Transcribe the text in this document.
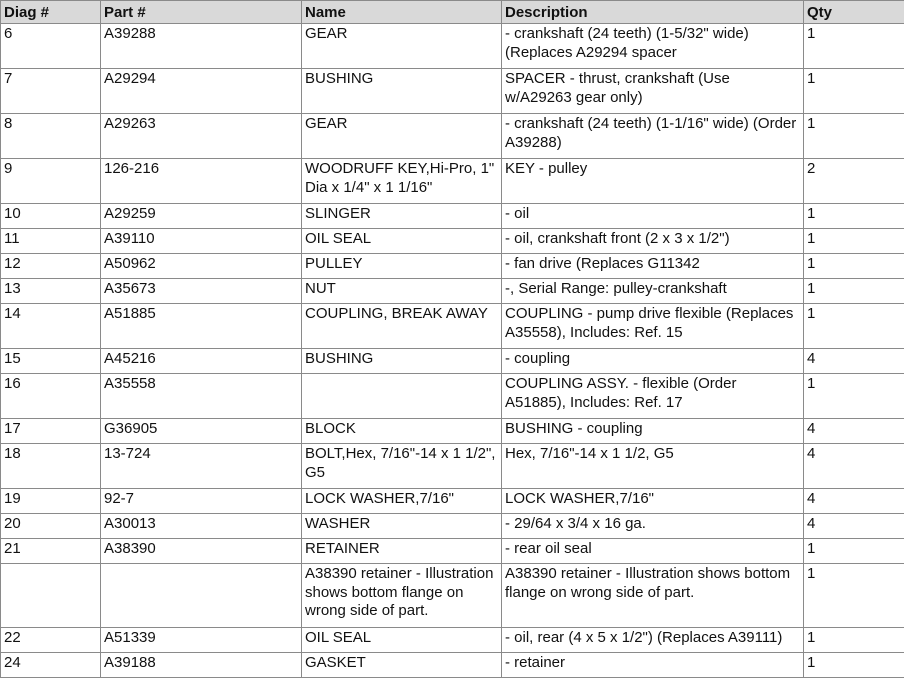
Diag #	Part #	Name	Description	Qty
6	A39288	GEAR	- crankshaft (24 teeth) (1-5/32" wide) (Replaces A29294 spacer	1
7	A29294	BUSHING	SPACER - thrust, crankshaft (Use w/A29263 gear only)	1
8	A29263	GEAR	- crankshaft (24 teeth) (1-1/16" wide) (Order A39288)	1
9	126-216	WOODRUFF KEY,Hi-Pro, 1" Dia x 1/4" x 1 1/16"	KEY - pulley	2
10	A29259	SLINGER	- oil	1
11	A39110	OIL SEAL	- oil, crankshaft front (2 x 3 x 1/2")	1
12	A50962	PULLEY	- fan drive (Replaces G11342	1
13	A35673	NUT	-, Serial Range: pulley-crankshaft	1
14	A51885	COUPLING, BREAK AWAY	COUPLING - pump drive flexible (Replaces A35558), Includes: Ref. 15	1
15	A45216	BUSHING	- coupling	4
16	A35558		COUPLING ASSY. - flexible (Order A51885), Includes: Ref. 17	1
17	G36905	BLOCK	BUSHING - coupling	4
18	13-724	BOLT,Hex, 7/16"-14 x 1 1/2", G5	Hex, 7/16"-14 x 1 1/2, G5	4
19	92-7	LOCK WASHER,7/16"	LOCK WASHER,7/16"	4
20	A30013	WASHER	- 29/64 x 3/4 x 16 ga.	4
21	A38390	RETAINER	- rear oil seal	1
		A38390 retainer - Illustration shows bottom flange on wrong side of part.	A38390 retainer - Illustration shows bottom flange on wrong side of part.	1
22	A51339	OIL SEAL	- oil, rear (4 x 5 x 1/2") (Replaces A39111)	1
24	A39188	GASKET	- retainer	1
